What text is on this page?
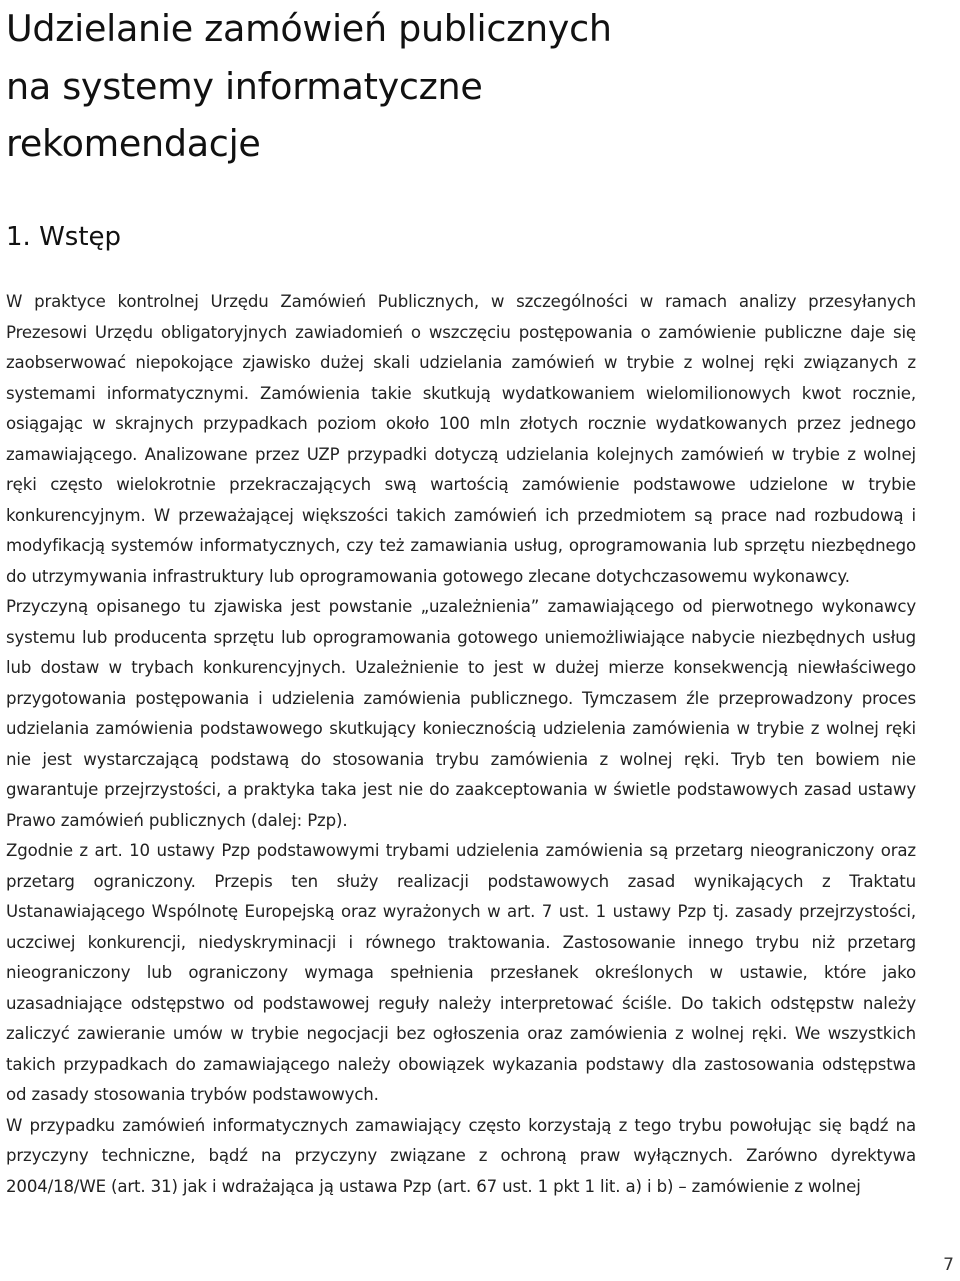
Udzielanie zamówień publicznych
na systemy informatyczne
rekomendacje
1. Wstęp

W praktyce kontrolnej Urzędu Zamówień Publicznych, w szczególności w ramach analizy przesyłanych Prezesowi Urzędu obligatoryjnych zawiadomień o wszczęciu postępowania o zamówienie publiczne daje się zaobserwować niepokojące zjawisko dużej skali udzielania zamówień w trybie z wolnej ręki związanych z systemami informatycznymi. Zamówienia takie skutkują wydatkowaniem wielomilionowych kwot rocznie, osiągając w skrajnych przypadkach poziom około 100 mln złotych rocznie wydatkowanych przez jednego zamawiającego. Analizowane przez UZP przypadki dotyczą udzielania kolejnych zamówień w trybie z wolnej ręki często wielokrotnie przekraczających swą wartością zamówienie podstawowe udzielone w trybie konkurencyjnym. W przeważającej większości takich zamówień ich przedmiotem są prace nad rozbudową i modyfikacją systemów informatycznych, czy też zamawiania usług, oprogramowania lub sprzętu niezbędnego do utrzymywania infrastruktury lub oprogramowania gotowego zlecane dotychczasowemu wykonawcy.

Przyczyną opisanego tu zjawiska jest powstanie „uzależnienia” zamawiającego od pierwotnego wykonawcy systemu lub producenta sprzętu lub oprogramowania gotowego uniemożliwiające nabycie niezbędnych usług lub dostaw w trybach konkurencyjnych. Uzależnienie to jest w dużej mierze konsekwencją niewłaściwego przygotowania postępowania i udzielenia zamówienia publicznego. Tymczasem źle przeprowadzony proces udzielania zamówienia podstawowego skutkujący koniecznością udzielenia zamówienia w trybie z wolnej ręki nie jest wystarczającą podstawą do stosowania trybu zamówienia z wolnej ręki. Tryb ten bowiem nie gwarantuje przejrzystości, a praktyka taka jest nie do zaakceptowania w świetle podstawowych zasad ustawy Prawo zamówień publicznych (dalej: Pzp).

Zgodnie z art. 10 ustawy Pzp podstawowymi trybami udzielenia zamówienia są przetarg nieograniczony oraz przetarg ograniczony. Przepis ten służy realizacji podstawowych zasad wynikających z Traktatu Ustanawiającego Wspólnotę Europejską oraz wyrażonych w art. 7 ust. 1 ustawy Pzp tj. zasady przejrzystości, uczciwej konkurencji, niedyskryminacji i równego traktowania. Zastosowanie innego trybu niż przetarg nieograniczony lub ograniczony wymaga spełnienia przesłanek określonych w ustawie, które jako uzasadniające odstępstwo od podstawowej reguły należy interpretować ściśle. Do takich odstępstw należy zaliczyć zawieranie umów w trybie negocjacji bez ogłoszenia oraz zamówienia z wolnej ręki. We wszystkich takich przypadkach do zamawiającego należy obowiązek wykazania podstawy dla zastosowania odstępstwa od zasady stosowania trybów podstawowych.

W przypadku zamówień informatycznych zamawiający często korzystają z tego trybu powołując się bądź na przyczyny techniczne, bądź na przyczyny związane z ochroną praw wyłącznych. Zarówno dyrektywa 2004/18/WE (art. 31) jak i wdrażająca ją ustawa Pzp (art. 67 ust. 1 pkt 1 lit. a) i b) – zamówienie z wolnej

7
